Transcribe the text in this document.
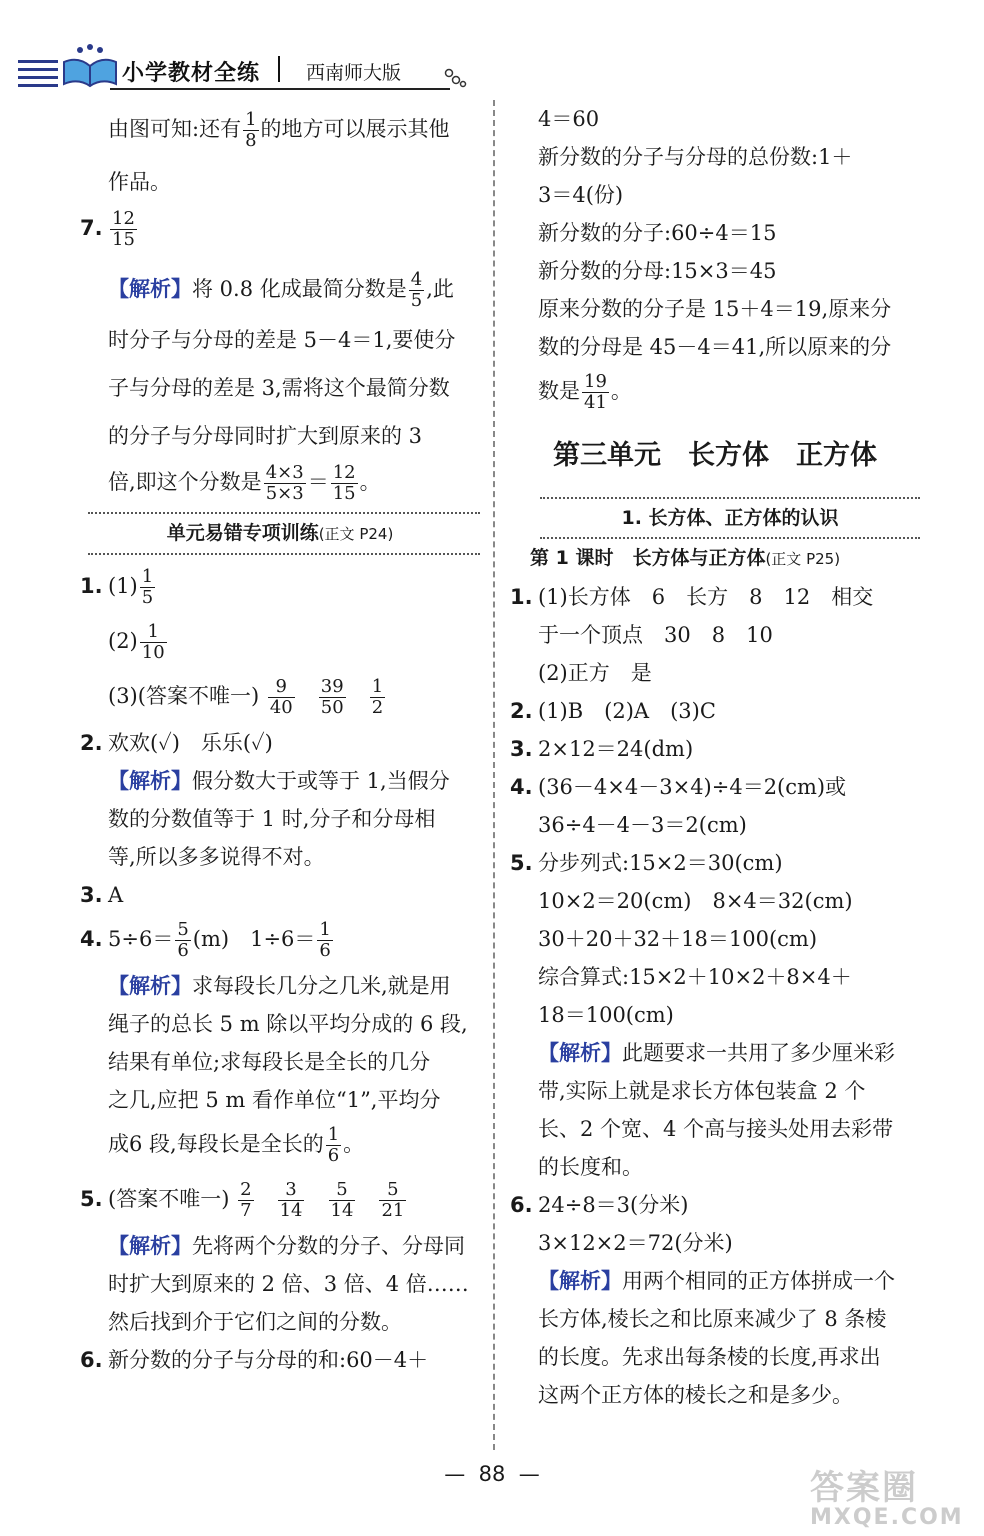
小学教材全练 西南师大版

由图可知:还有 $\frac{1}{8}$ 的地方可以展示其他

作品。

7. $\frac{12}{15}$

【解析】将 0.8 化成最简分数是 $\frac{4}{5}$ ,此

时分子与分母的差是 5－4＝1,要使分

子与分母的差是 3,需将这个最简分数

的分子与分母同时扩大到原来的 3

倍,即这个分数是 $\frac{4\times 3}{5\times 3} = \frac{12}{15}$ 。

单元易错专项训练(正文 P24)

1. $(1) \frac{1}{5}$

$(2) \frac{1}{10}$

(3)(答案不唯一) $\frac{9}{40}$
$\frac{39}{50}$
$\frac{1}{2}$

2. 欢欢(✓)　乐乐(✓)

【解析】假分数大于或等于 1,当假分

数的分数值等于 1 时,分子和分母相

等,所以多多说得不对。

3. A

4. $5\div 6= \frac{5}{6} (m)$　$1\div 6= \frac{1}{6}$

【解析】求每段长几分之几米,就是用

绳子的总长 5 m 除以平均分成的 6 段,

结果有单位;求每段长是全长的几分

之几,应把 5 m 看作单位“1”,平均分

成6 段,每段长是全长的 $\frac{1}{6}$ 。

5. (答案不唯一) $\frac{2}{7}$
$\frac{3}{14}$
$\frac{5}{14}$
$\frac{5}{21}$

【解析】先将两个分数的分子、分母同

时扩大到原来的 2 倍、3 倍、4 倍……

然后找到介于它们之间的分数。

6. 新分数的分子与分母的和:60－4＋

4＝60

新分数的分子与分母的总份数:1＋

3＝4(份)

新分数的分子:60÷4＝15

新分数的分母:15×3＝45

原来分数的分子是 15＋4＝19,原来分

数的分母是 45－4＝41,所以原来的分

数是 $\frac{19}{41}$ 。

第三单元　长方体　正方体

1. 长方体、正方体的认识

第 1 课时　长方体与正方体(正文 P25)

1. (1)长方体　6　长方　8　12　相交

于一个顶点　30　8　10

(2)正方　是

2. (1)B　(2)A　(3)C

3. 2×12＝24(dm)

4. (36－4×4－3×4)÷4＝2(cm)或

36÷4－4－3＝2(cm)

5. 分步列式:15×2＝30(cm)

10×2＝20(cm)　8×4＝32(cm)

30＋20＋32＋18＝100(cm)

综合算式:15×2＋10×2＋8×4＋

18＝100(cm)

【解析】此题要求一共用了多少厘米彩

带,实际上就是求长方体包装盒 2 个

长、2 个宽、4 个高与接头处用去彩带

的长度和。

6. 24÷8＝3(分米)

3×12×2＝72(分米)

【解析】用两个相同的正方体拼成一个

长方体,棱长之和比原来减少了 8 条棱

的长度。先求出每条棱的长度,再求出

这两个正方体的棱长之和是多少。

—  88  —	答案圈
MXQE.COM
